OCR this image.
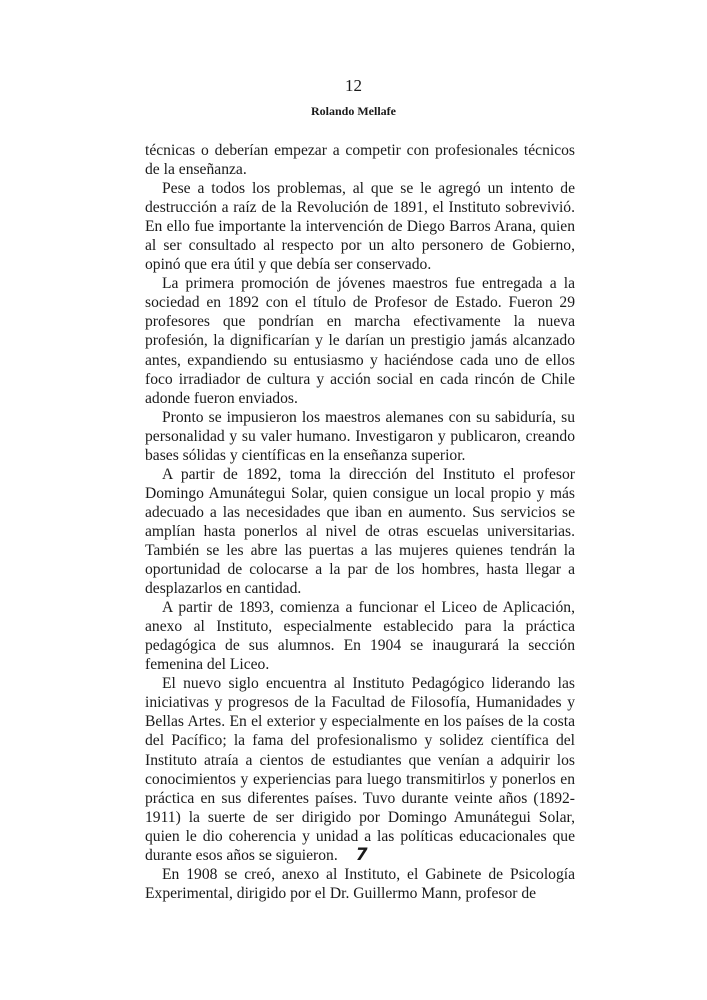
12
Rolando Mellafe

técnicas o deberían empezar a competir con profesionales técnicos de la enseñanza.

Pese a todos los problemas, al que se le agregó un intento de destrucción a raíz de la Revolución de 1891, el Instituto sobrevivió. En ello fue importante la intervención de Diego Barros Arana, quien al ser consultado al respecto por un alto personero de Gobierno, opinó que era útil y que debía ser conservado.

La primera promoción de jóvenes maestros fue entregada a la sociedad en 1892 con el título de Profesor de Estado. Fueron 29 profesores que pondrían en marcha efectivamente la nueva profesión, la dignificarían y le darían un prestigio jamás alcanzado antes, expandiendo su entusiasmo y haciéndose cada uno de ellos foco irradiador de cultura y acción social en cada rincón de Chile adonde fueron enviados.

Pronto se impusieron los maestros alemanes con su sabiduría, su personalidad y su valer humano. Investigaron y publicaron, creando bases sólidas y científicas en la enseñanza superior.

A partir de 1892, toma la dirección del Instituto el profesor Domingo Amunátegui Solar, quien consigue un local propio y más adecuado a las necesidades que iban en aumento. Sus servicios se amplían hasta ponerlos al nivel de otras escuelas universitarias. También se les abre las puertas a las mujeres quienes tendrán la oportunidad de colocarse a la par de los hombres, hasta llegar a desplazarlos en cantidad.

A partir de 1893, comienza a funcionar el Liceo de Aplicación, anexo al Instituto, especialmente establecido para la práctica pedagógica de sus alumnos. En 1904 se inaugurará la sección femenina del Liceo.

El nuevo siglo encuentra al Instituto Pedagógico liderando las iniciativas y progresos de la Facultad de Filosofía, Humanidades y Bellas Artes. En el exterior y especialmente en los países de la costa del Pacífico; la fama del profesionalismo y solidez científica del Instituto atraía a cientos de estudiantes que venían a adquirir los conocimientos y experiencias para luego transmitirlos y ponerlos en práctica en sus diferentes países. Tuvo durante veinte años (1892-1911) la suerte de ser dirigido por Domingo Amunátegui Solar, quien le dio coherencia y unidad a las políticas educacionales que durante esos años se siguieron. 7

En 1908 se creó, anexo al Instituto, el Gabinete de Psicología Experimental, dirigido por el Dr. Guillermo Mann, profesor de
